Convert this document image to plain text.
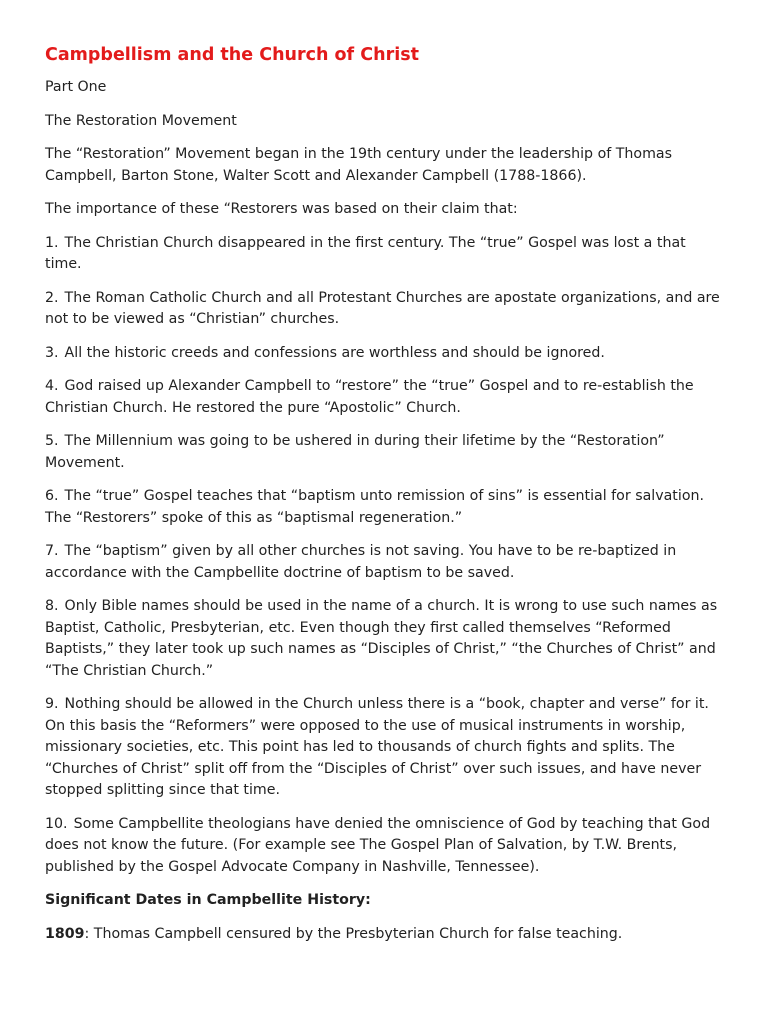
Campbellism and the Church of Christ

Part One

The Restoration Movement

The “Restoration” Movement began in the 19th century under the leadership of Thomas Campbell, Barton Stone, Walter Scott and Alexander Campbell (1788-1866).

The importance of these “Restorers was based on their claim that:

1. The Christian Church disappeared in the first century. The “true” Gospel was lost a that time.

2. The Roman Catholic Church and all Protestant Churches are apostate organizations, and are not to be viewed as “Christian” churches.

3. All the historic creeds and confessions are worthless and should be ignored.

4. God raised up Alexander Campbell to “restore” the “true” Gospel and to re-establish the Christian Church. He restored the pure “Apostolic” Church.

5. The Millennium was going to be ushered in during their lifetime by the “Restoration” Movement.

6. The “true” Gospel teaches that “baptism unto remission of sins” is essential for salvation. The “Restorers” spoke of this as “baptismal regeneration.”

7. The “baptism” given by all other churches is not saving. You have to be re-baptized in accordance with the Campbellite doctrine of baptism to be saved.

8. Only Bible names should be used in the name of a church. It is wrong to use such names as Baptist, Catholic, Presbyterian, etc. Even though they first called themselves “Reformed Baptists,” they later took up such names as “Disciples of Christ,” “the Churches of Christ” and “The Christian Church.”

9. Nothing should be allowed in the Church unless there is a “book, chapter and verse” for it. On this basis the “Reformers” were opposed to the use of musical instruments in worship, missionary societies, etc. This point has led to thousands of church fights and splits. The “Churches of Christ” split off from the “Disciples of Christ” over such issues, and have never stopped splitting since that time.

10. Some Campbellite theologians have denied the omniscience of God by teaching that God does not know the future. (For example see The Gospel Plan of Salvation, by T.W. Brents, published by the Gospel Advocate Company in Nashville, Tennessee).

Significant Dates in Campbellite History:

1809: Thomas Campbell censured by the Presbyterian Church for false teaching.
